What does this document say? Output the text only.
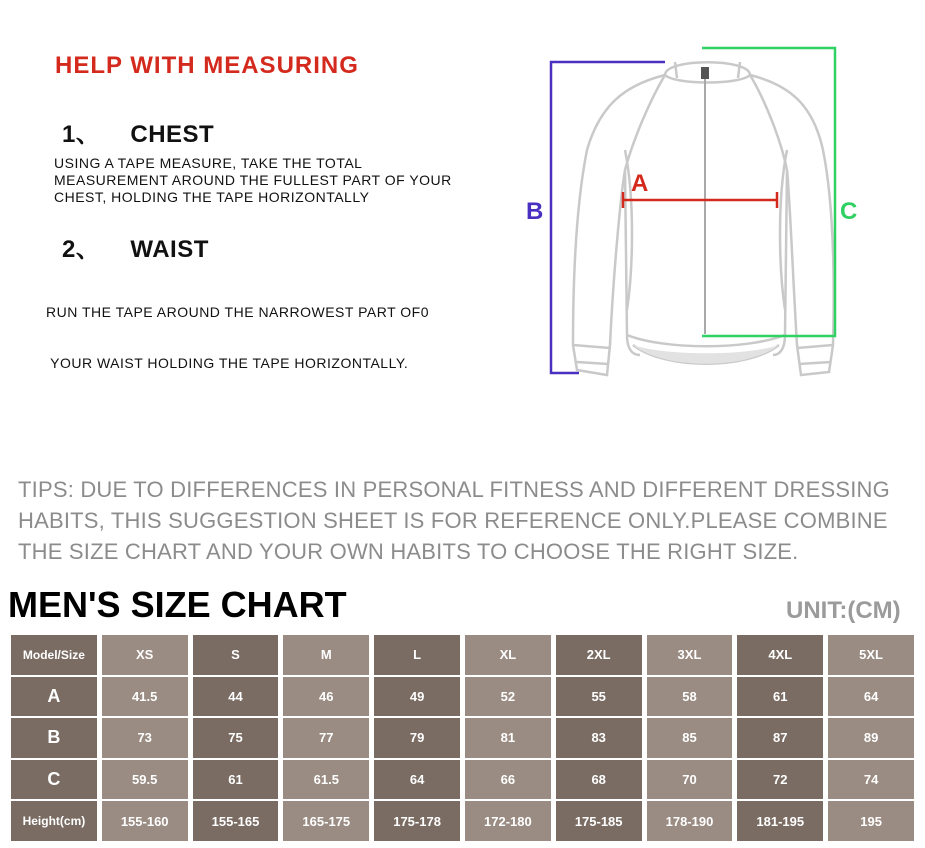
HELP WITH MEASURING
1、 CHEST
USING A TAPE MEASURE, TAKE THE TOTAL
MEASUREMENT AROUND THE FULLEST PART OF YOUR
CHEST, HOLDING THE TAPE HORIZONTALLY
2、 WAIST

RUN THE TAPE AROUND THE NARROWEST PART OF0

YOUR WAIST HOLDING THE TAPE HORIZONTALLY.

A
B	C
TIPS: DUE TO DIFFERENCES IN PERSONAL FITNESS AND DIFFERENT DRESSING
HABITS, THIS SUGGESTION SHEET IS FOR REFERENCE ONLY.PLEASE COMBINE
THE SIZE CHART AND YOUR OWN HABITS TO CHOOSE THE RIGHT SIZE.
MEN'S SIZE CHART	UNIT:(CM)
Model/Size	XS	S	M	L	XL	2XL	3XL	4XL	5XL
A	41.5	44	46	49	52	55	58	61	64
B	73	75	77	79	81	83	85	87	89
C	59.5	61	61.5	64	66	68	70	72	74
Height(cm)	155-160	155-165	165-175	175-178	172-180	175-185	178-190	181-195	195
